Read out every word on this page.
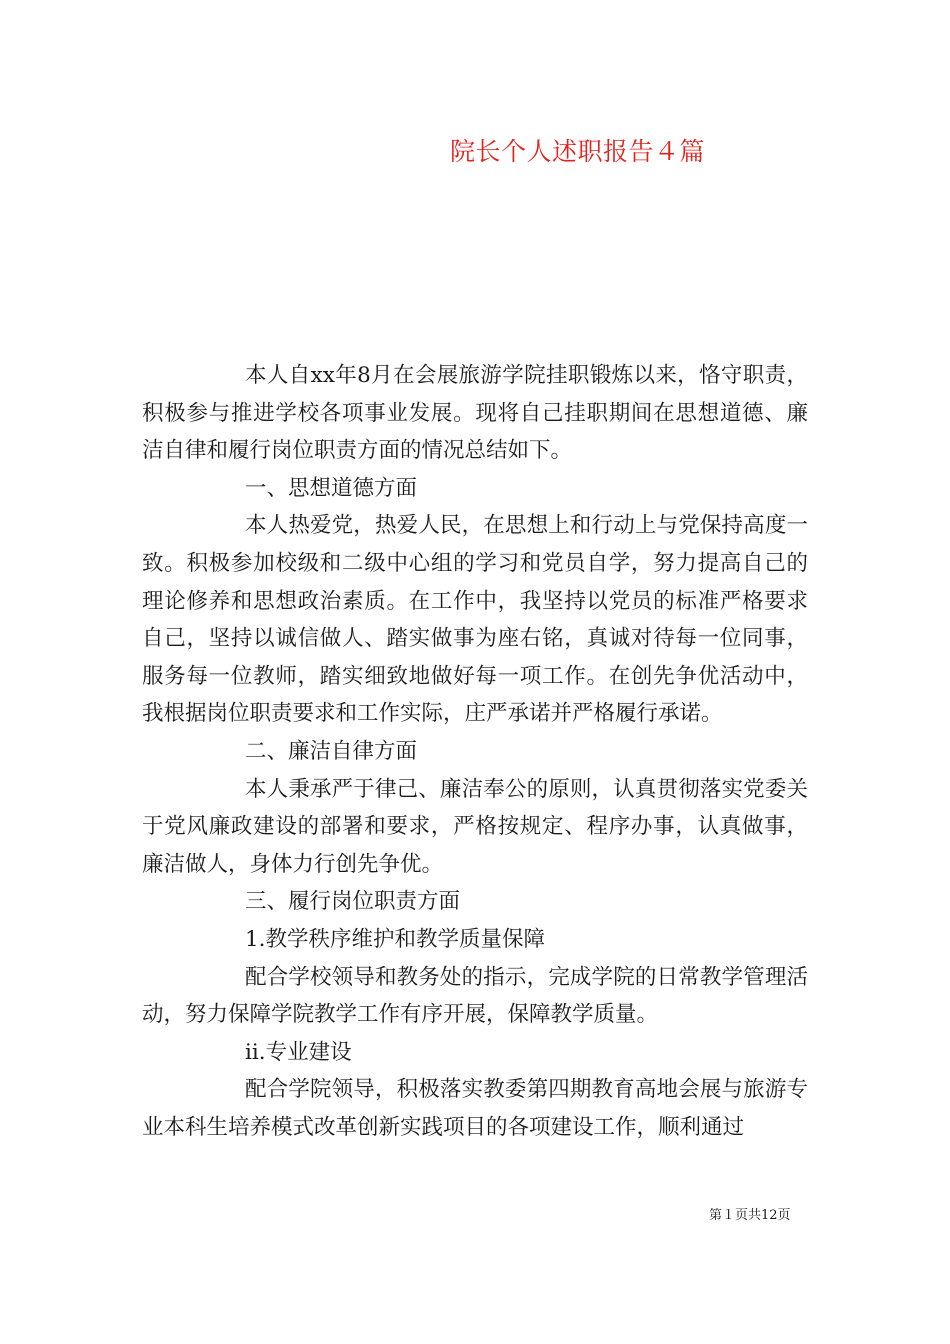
院长个人述职报告４篇

本人自xx年8月在会展旅游学院挂职锻炼以来，恪守职责，积极参与推进学校各项事业发展。现将自己挂职期间在思想道德、廉洁自律和履行岗位职责方面的情况总结如下。

一、思想道德方面

本人热爱党，热爱人民，在思想上和行动上与党保持高度一致。积极参加校级和二级中心组的学习和党员自学，努力提高自己的理论修养和思想政治素质。在工作中，我坚持以党员的标准严格要求自己，坚持以诚信做人、踏实做事为座右铭，真诚对待每一位同事，服务每一位教师，踏实细致地做好每一项工作。在创先争优活动中，我根据岗位职责要求和工作实际，庄严承诺并严格履行承诺。

二、廉洁自律方面

本人秉承严于律己、廉洁奉公的原则，认真贯彻落实党委关于党风廉政建设的部署和要求，严格按规定、程序办事，认真做事，廉洁做人，身体力行创先争优。

三、履行岗位职责方面

1.教学秩序维护和教学质量保障

配合学校领导和教务处的指示，完成学院的日常教学管理活动，努力保障学院教学工作有序开展，保障教学质量。

ii.专业建设

配合学院领导，积极落实教委第四期教育高地会展与旅游专业本科生培养模式改革创新实践项目的各项建设工作，顺利通过

第１页共12页
